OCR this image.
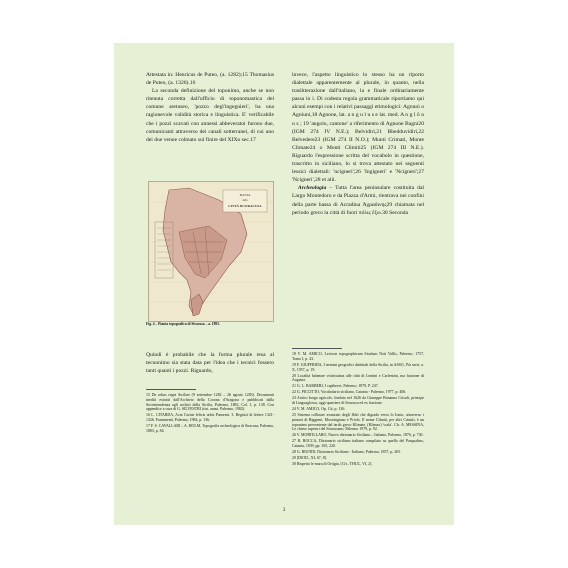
Attestata in: Henricus de Puteo, (a. 1282);15 Thomasius de Puteo, (a. 1326).16

La seconda definizione del toponimo, anche se non ritenuta corretta dall'ufficio di toponomastica del comune aretuseo, 'pozzo degl'ingegnieri', ha una ragionevole validità storica e linguistica. E' verificabile che i pozzi scavati con annessi abbeveratoi furono due, comunicanti attraverso dei canali sotterranei, di cui uno dei due venne colmato sul finire del XIXo sec.17

PIANTA
della
CITTÀ DI SIRACUSA
Fig. 4 – Pianta topografica di Siracusa – a. 1893.
Quindi è probabile che la forma plurale resa al tecnonimo sia stata data per l'idea che i tecnici fossero tanti quanti i pozzi. Riguardo,

15 De rebus regni Siciliae (9 settembre 1282 – 26 agosto 1283). Documenti inediti estratti dall'Archivio della Corona d'Aragona e pubblicati dalla Sovrintendenza agli archivi della Sicilia, Palermo, 1882, Col. I, p. 138. Con appendice a cura di G. SILVESTRI (rist. anast. Palermo, 1982).

16 L. CITARDA, Acta Curiae felicis urbis Panormi, 3. Registri di lettere 1321-1326. Frammenti, Palermo, 1984, p. 136.

17 F. S. CAVALLARI – A. HOLM, Topografia archeologica di Siracusa, Palermo, 1883, p. 84.

invece, l'aspetto linguistico lo stesso ha un riporto dialettale apparentemente al plurale, in quanto, nella traslitterazione dall'italiano, la e finale ordinariamente passa in i. Di codesta regola grammaticale riportiamo qui alcuni esempi con i relativi passaggi etimologici: Agnuni o Agniuni,18 Agnone, lat. a n g u l u s e lat. med. A n g l ŏ n u s ; 19 'angolo, cantone' a riferimento di Agnone Bagni20 (IGM 274 IV N.E.); Belvidiri,21 Bbedduvidiri,22 Belvedere23 (IGM 274 II N.O.); Munti Crimati, Monte Climate24 o Monti Climiti25 (IGM 274 III N.E.). Riguardo l'espressione scritta del vocabolo in questione, trascritto in siciliano, lo si trova attestato nei seguenti lessici dialettali: 'ncigneri';26 'Ingigneri' e 'Ncigneri';27 'Ncigneri',28 et alii.

Archeologia – Tutta l'area peninsulare costituita dal Largo Montedoro e da Piazza d'Armi, rientrava nei confini della parte bassa di Acradina Ἀχραδινης29 chiamata nel periodo greco la città di fuori πόλις ἔξω.30 Seconda

18 V. M. AMICO, Lexicon topographicum Siculum Noti Vallis, Palermo, 1757, Tomo I, p. 43.

19 F. GIUFFRIDA, I termini geografici dialettali della Sicilia, in ASSO, IVa serie, a. X, 1957, p. 19.

20 Località balneare vicinissima alle città di Lentini e Carlentini, ma frazione di Augusta.

21 G. L. BARBERI, I capibrevi, Palermo, 1879, P. 247.

22 G. PICCITTO, Vocabolario siciliano, Catania - Palermo, 1977, p. 406.

23 Antico borgo agricolo, fondato nel 1626 da Giuseppe Bonanno Crisafi, principe di Linguaglossa, oggi quartiere di Siracusa ed ex frazione.

24 V. M. AMICO, Op. Cit, p. 136.

25 Sistema collinare avanzato degli Iblei che digrada verso lo Ionio, attraverso i pianori di Biggemi, Mostringiano e Priolo. Il nome Climiti, per altri Crimiti, è un toponimo proveniente dal tardo greco Klimate, (Klimax) 'scala'. Cfr. A. MESSINA, Le chiese rupestri del Siracusano, Palermo 1979, p. 92.

26 V. MORTILLARO, Nuovo dizionario Siciliano – Italiano, Palermo, 1876, p. 730.

27 R. ROCCA, Dizionario siciliano italiano compilato su quello del Pasqualino, Catania, 1839, pp. 165, 220.

28 G. BIUNDI, Dizionario Siciliano - Italiano, Palermo, 1857, p. 265.

29 [DIOD., XI, 67, 8].

30 Rispetto le mura di Ortigia. [Cfr., THUC, VI, 2].

3
